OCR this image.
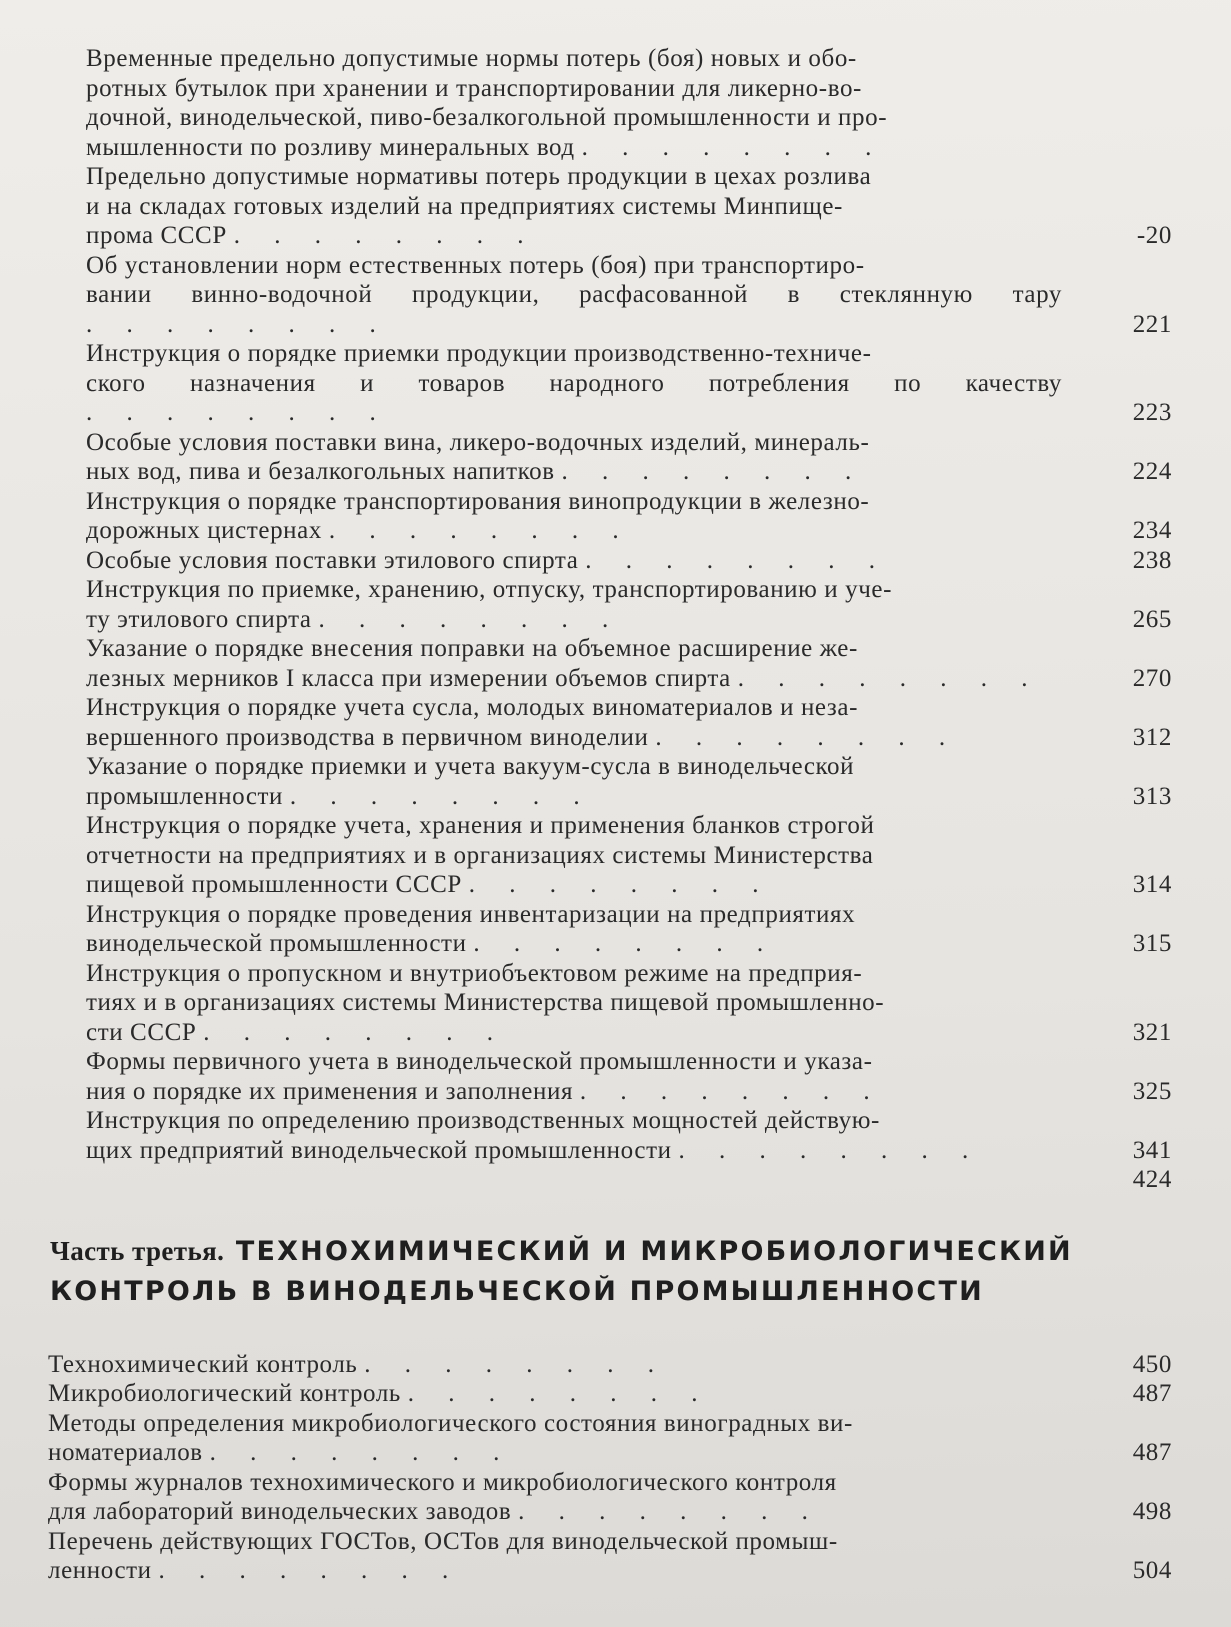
Временные предельно допустимые нормы потерь (боя) новых и обо-
ротных бутылок при хранении и транспортировании для ликерно-во-
дочной, винодельческой, пиво-безалкогольной промышленности и про-
мышленности по розливу минеральных вод . . . . . . . .
Предельно допустимые нормативы потерь продукции в цехах розлива
и на складах готовых изделий на предприятиях системы Минпище-
прома СССР . . . . . . . .	-20
Об установлении норм естественных потерь (боя) при транспортиро-
вании винно-водочной продукции, расфасованной в стеклянную тару . . . . . . . .	221
Инструкция о порядке приемки продукции производственно-техниче-
ского назначения и товаров народного потребления по качеству . . . . . . . .	223
Особые условия поставки вина, ликеро-водочных изделий, минераль-
ных вод, пива и безалкогольных напитков . . . . . . . .	224
Инструкция о порядке транспортирования винопродукции в железно-
дорожных цистернах . . . . . . . .	234
Особые условия поставки этилового спирта . . . . . . . .	238
Инструкция по приемке, хранению, отпуску, транспортированию и уче-
ту этилового спирта . . . . . . . .	265
Указание о порядке внесения поправки на объемное расширение же-
лезных мерников I класса при измерении объемов спирта . . . . . . . .	270
Инструкция о порядке учета сусла, молодых виноматериалов и неза-
вершенного производства в первичном виноделии . . . . . . . .	312
Указание о порядке приемки и учета вакуум-сусла в винодельческой
промышленности . . . . . . . .	313
Инструкция о порядке учета, хранения и применения бланков строгой
отчетности на предприятиях и в организациях системы Министерства
пищевой промышленности СССР . . . . . . . .	314
Инструкция о порядке проведения инвентаризации на предприятиях
винодельческой промышленности . . . . . . . .	315
Инструкция о пропускном и внутриобъектовом режиме на предприя-
тиях и в организациях системы Министерства пищевой промышленно-
сти СССР . . . . . . . .	321
Формы первичного учета в винодельческой промышленности и указа-
ния о порядке их применения и заполнения . . . . . . . .	325
Инструкция по определению производственных мощностей действую-
щих предприятий винодельческой промышленности . . . . . . . .	341
424
Часть третья. ТЕХНОХИМИЧЕСКИЙ И МИКРОБИОЛОГИЧЕСКИЙ
КОНТРОЛЬ В ВИНОДЕЛЬЧЕСКОЙ ПРОМЫШЛЕННОСТИ
Технохимический контроль . . . . . . . .	450
Микробиологический контроль . . . . . . . .	487
Методы определения микробиологического состояния виноградных ви-
номатериалов . . . . . . . .	487
Формы журналов технохимического и микробиологического контроля
для лабораторий винодельческих заводов . . . . . . . .	498
Перечень действующих ГОСТов, ОСТов для винодельческой промыш-
ленности . . . . . . . .	504
